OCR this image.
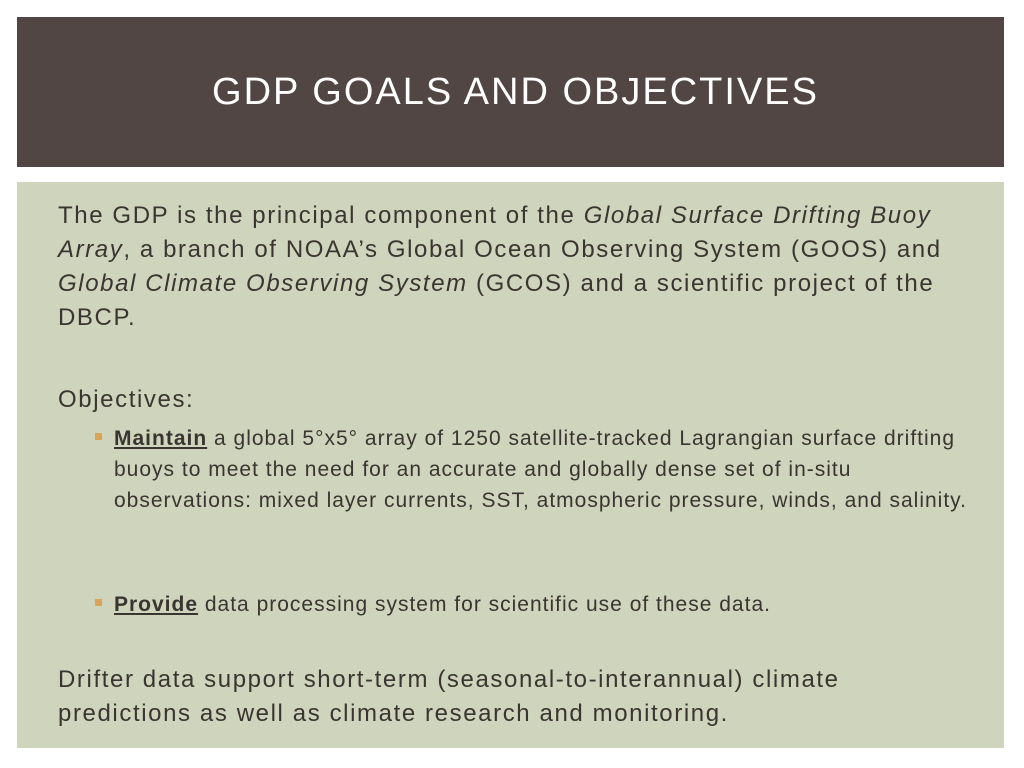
GDP GOALS AND OBJECTIVES

The GDP is the principal component of the Global Surface Drifting Buoy Array, a branch of NOAA’s Global Ocean Observing System (GOOS) and Global Climate Observing System (GCOS) and a scientific project of the DBCP.

Objectives:

Maintain a global 5°x5° array of 1250 satellite-tracked Lagrangian surface drifting buoys to meet the need for an accurate and globally dense set of in-situ observations: mixed layer currents, SST, atmospheric pressure, winds, and salinity.
Provide data processing system for scientific use of these data.

Drifter data support short-term (seasonal-to-interannual) climate predictions as well as climate research and monitoring.
